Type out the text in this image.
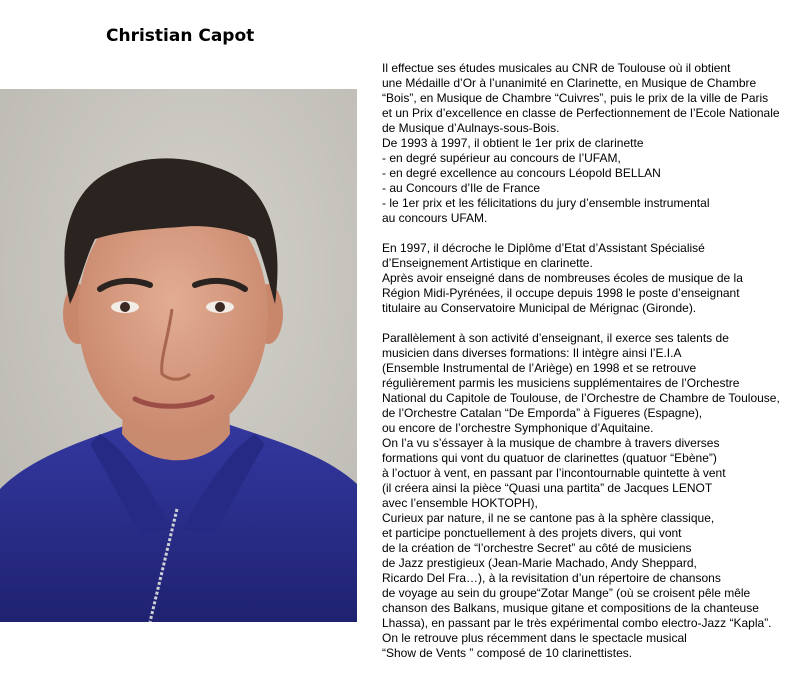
Christian Capot
Il effectue ses études musicales au CNR de Toulouse où il obtient
une Médaille d’Or à l’unanimité en Clarinette, en Musique de Chambre
“Bois”, en Musique de Chambre “Cuivres”, puis le prix de la ville de Paris
et un Prix d’excellence en classe de Perfectionnement de l’Ecole Nationale
de Musique d’Aulnays-sous-Bois.
De 1993 à 1997, il obtient le 1er prix de clarinette
- en degré supérieur au concours de l’UFAM,
- en degré excellence au concours Léopold BELLAN
- au Concours d’Ile de France
- le 1er prix et les félicitations du jury d’ensemble instrumental
au concours UFAM.
En 1997, il décroche le Diplôme d’Etat d’Assistant Spécialisé
d’Enseignement Artistique en clarinette.
Après avoir enseigné dans de nombreuses écoles de musique de la
Région Midi-Pyrénées, il occupe depuis 1998 le poste d’enseignant
titulaire au Conservatoire Municipal de Mérignac (Gironde).
Parallèlement à son activité d’enseignant, il exerce ses talents de
musicien dans diverses formations: Il intègre ainsi l’E.I.A
(Ensemble Instrumental de l’Ariège) en 1998 et se retrouve
régulièrement parmis les musiciens supplémentaires de l’Orchestre
National du Capitole de Toulouse, de l’Orchestre de Chambre de Toulouse,
de l’Orchestre Catalan “De Emporda” à Figueres (Espagne),
ou encore de l’orchestre Symphonique d’Aquitaine.
On l’a vu s’éssayer à la musique de chambre à travers diverses
formations qui vont du quatuor de clarinettes (quatuor “Ebène”)
à l’octuor à vent, en passant par l’incontournable quintette à vent
(il créera ainsi la pièce “Quasi una partita” de Jacques LENOT
avec l’ensemble HOKTOPH),
Curieux par nature, il ne se cantone pas à la sphère classique,
et participe ponctuellement à des projets divers, qui vont
de la création de “l’orchestre Secret” au côté de musiciens
de Jazz prestigieux (Jean-Marie Machado, Andy Sheppard,
Ricardo Del Fra…), à la revisitation d’un répertoire de chansons
de voyage au sein du groupe“Zotar Mange” (où se croisent pêle mêle
chanson des Balkans, musique gitane et compositions de la chanteuse
Lhassa), en passant par le très expérimental combo electro-Jazz “Kapla”.
On le retrouve plus récemment dans le spectacle musical
“Show de Vents ” composé de 10 clarinettistes.
